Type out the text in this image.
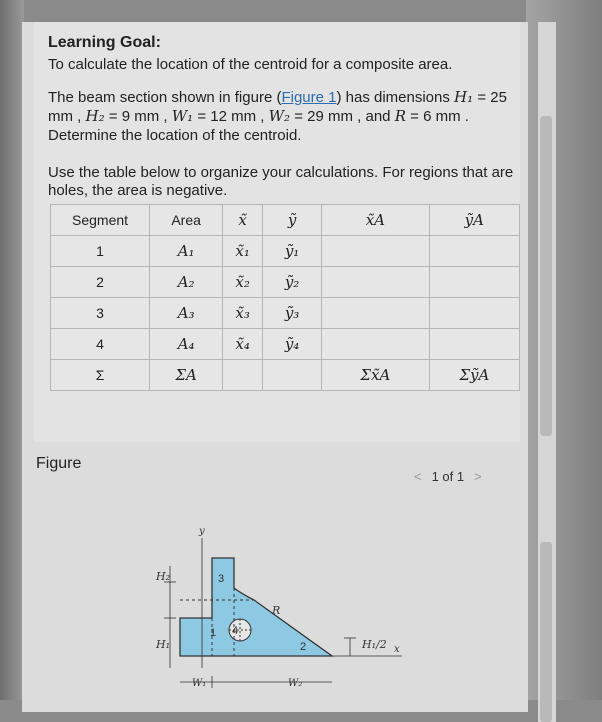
Learning Goal:
To calculate the location of the centroid for a composite area.
The beam section shown in figure (Figure 1) has dimensions H₁ = 25 mm , H₂ = 9 mm , W₁ = 12 mm , W₂ = 29 mm , and R = 6 mm . Determine the location of the centroid.
Use the table below to organize your calculations. For regions that are holes, the area is negative.
Segment	Area	x̃	ỹ	x̃A	ỹA
1	A₁	x̃₁	ỹ₁		
2	A₂	x̃₂	ỹ₂		
3	A₃	x̃₃	ỹ₃		
4	A₄	x̃₄	ỹ₄		
Σ	ΣA			Σx̃A	ΣỹA
Figure
< 1 of 1 >
y
x
H₂
H₁
W₁	W₂
H₁/2
3
1 4
2
R
